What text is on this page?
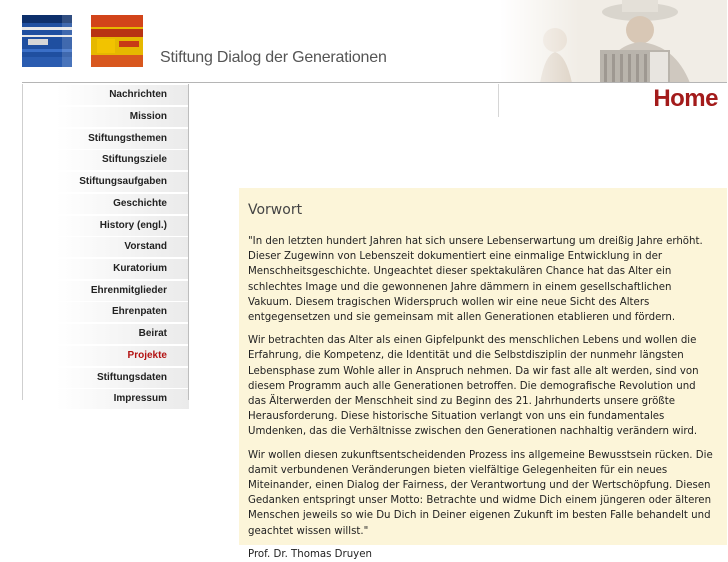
Stiftung Dialog der Generationen
Nachrichten
Mission
Stiftungsthemen
Stiftungsziele
Stiftungsaufgaben
Geschichte
History (engl.)
Vorstand
Kuratorium
Ehrenmitglieder
Ehrenpaten
Beirat
Projekte
Stiftungsdaten
Impressum
Home
Vorwort

"In den letzten hundert Jahren hat sich unsere Lebenserwartung um dreißig Jahre erhöht. Dieser Zugewinn von Lebenszeit dokumentiert eine einmalige Entwicklung in der Menschheitsgeschichte. Ungeachtet dieser spektakulären Chance hat das Alter ein schlechtes Image und die gewonnenen Jahre dämmern in einem gesellschaftlichen Vakuum. Diesem tragischen Widerspruch wollen wir eine neue Sicht des Alters entgegensetzen und sie gemeinsam mit allen Generationen etablieren und fördern.

Wir betrachten das Alter als einen Gipfelpunkt des menschlichen Lebens und wollen die Erfahrung, die Kompetenz, die Identität und die Selbstdisziplin der nunmehr längsten Lebensphase zum Wohle aller in Anspruch nehmen. Da wir fast alle alt werden, sind von diesem Programm auch alle Generationen betroffen. Die demografische Revolution und das Älterwerden der Menschheit sind zu Beginn des 21. Jahrhunderts unsere größte Herausforderung. Diese historische Situation verlangt von uns ein fundamentales Umdenken, das die Verhältnisse zwischen den Generationen nachhaltig verändern wird.

Wir wollen diesen zukunftsentscheidenden Prozess ins allgemeine Bewusstsein rücken. Die damit verbundenen Veränderungen bieten vielfältige Gelegenheiten für ein neues Miteinander, einen Dialog der Fairness, der Verantwortung und der Wertschöpfung. Diesen Gedanken entspringt unser Motto: Betrachte und widme Dich einem jüngeren oder älteren Menschen jeweils so wie Du Dich in Deiner eigenen Zukunft im besten Falle behandelt und geachtet wissen willst."

Prof. Dr. Thomas Druyen
